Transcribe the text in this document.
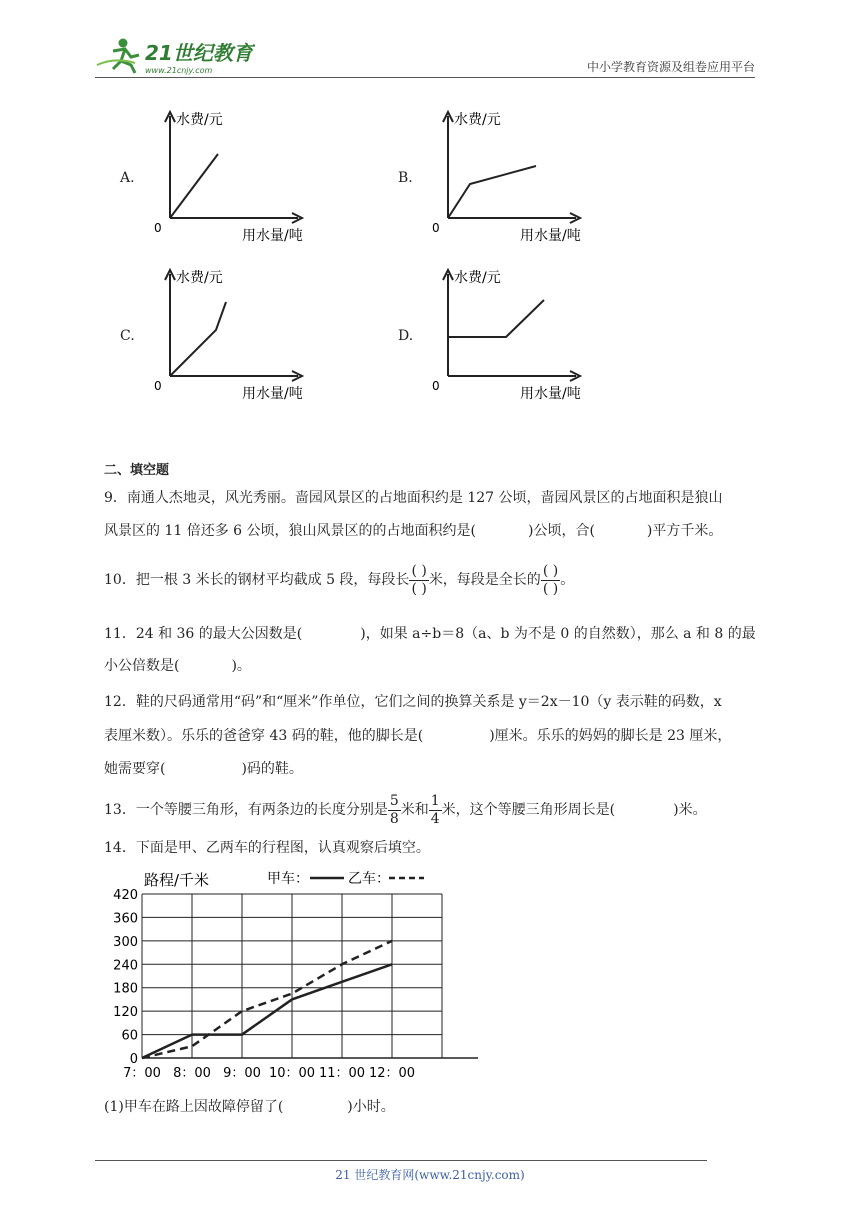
21世纪教育
www.21cnjy.com	中小学教育资源及组卷应用平台
A.
水费/元
0	用水量/吨
B.
水费/元
0	用水量/吨
C.
水费/元
0	用水量/吨
D.
水费/元
0	用水量/吨
二、填空题
9．南通人杰地灵，风光秀丽。啬园风景区的占地面积约是 127 公顷，啬园风景区的占地面积是狼山
风景区的 11 倍还多 6 公顷，狼山风景区的的占地面积约是(	)公顷，合(	)平方千米。
10．把一根 3 米长的钢材平均截成 5 段，每段长 $\frac{( )}{( )}$ 米，每段是全长的 $\frac{( )}{( )}$ 。
11．24 和 36 的最大公因数是(	)，如果 a÷b＝8（a、b 为不是 0 的自然数），那么 a 和 8 的最
小公倍数是(	)。
12．鞋的尺码通常用“码”和“厘米”作单位，它们之间的换算关系是 y＝2x－10（y 表示鞋的码数，x
表厘米数）。乐乐的爸爸穿 43 码的鞋，他的脚长是(	)厘米。乐乐的妈妈的脚长是 23 厘米，
她需要穿(	)码的鞋。
13．一个等腰三角形，有两条边的长度分别是 $\frac{5}{8}$ 米和 $\frac{1}{4}$ 米，这个等腰三角形周长是(	)米。
14．下面是甲、乙两车的行程图，认真观察后填空。
0
60
120
180
240
300
360
420
7：00 8：00 9：00 10：00 11：00 12：00
路程/千米	甲车：	乙车：
(1)甲车在路上因故障停留了(	)小时。
21 世纪教育网(www.21cnjy.com)
